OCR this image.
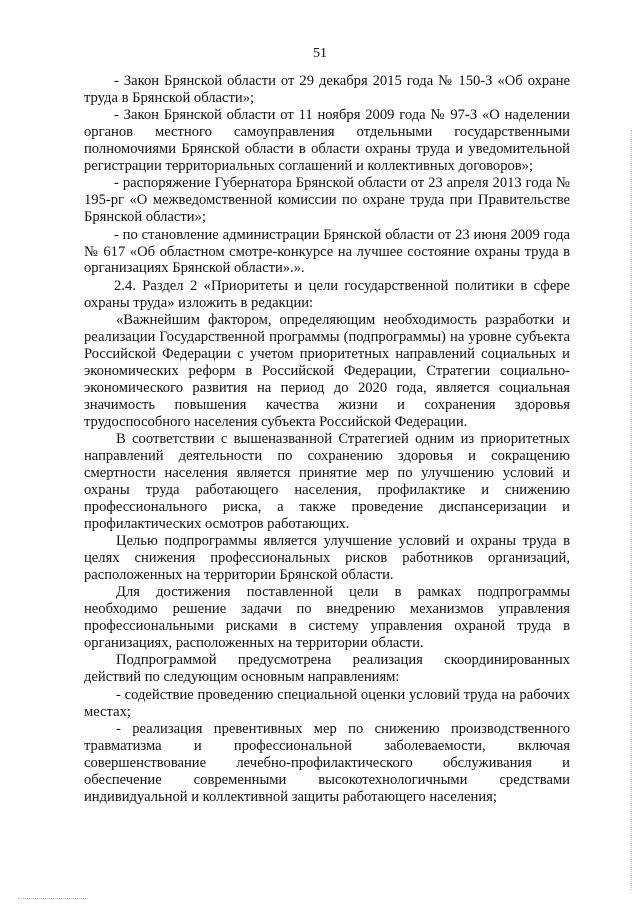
51

- Закон Брянской области от 29 декабря 2015 года № 150-З «Об охране труда в Брянской области»;

- Закон Брянской области от 11 ноября 2009 года № 97-З «О наделении органов местного самоуправления отдельными государственными полномочиями Брянской области в области охраны труда и уведомительной регистрации территориальных соглашений и коллективных договоров»;

- распоряжение Губернатора Брянской области от 23 апреля 2013 года № 195-рг «О межведомственной комиссии по охране труда при Правительстве Брянской области»;

- по становление администрации Брянской области от 23 июня 2009 года № 617 «Об областном смотре-конкурсе на лучшее состояние охраны труда в организациях Брянской области».».

2.4. Раздел 2 «Приоритеты и цели государственной политики в сфере охраны труда» изложить в редакции:

«Важнейшим фактором, определяющим необходимость разработки и реализации Государственной программы (подпрограммы) на уровне субъекта Российской Федерации с учетом приоритетных направлений социальных и экономических реформ в Российской Федерации, Стратегии социально-экономического развития на период до 2020 года, является социальная значимость повышения качества жизни и сохранения здоровья трудоспособного населения субъекта Российской Федерации.

В соответствии с вышеназванной Стратегией одним из приоритетных направлений деятельности по сохранению здоровья и сокращению смертности населения является принятие мер по улучшению условий и охраны труда работающего населения, профилактике и снижению профессионального риска, а также проведение диспансеризации и профилактических осмотров работающих.

Целью подпрограммы является улучшение условий и охраны труда в целях снижения профессиональных рисков работников организаций, расположенных на территории Брянской области.

Для достижения поставленной цели в рамках подпрограммы необходимо решение задачи по внедрению механизмов управления профессиональными рисками в систему управления охраной труда в организациях, расположенных на территории области.

Подпрограммой предусмотрена реализация скоординированных действий по следующим основным направлениям:

- содействие проведению специальной оценки условий труда на рабочих местах;

- реализация превентивных мер по снижению производственного травматизма и профессиональной заболеваемости, включая совершенствование лечебно-профилактического обслуживания и обеспечение современными высокотехнологичными средствами индивидуальной и коллективной защиты работающего населения;
